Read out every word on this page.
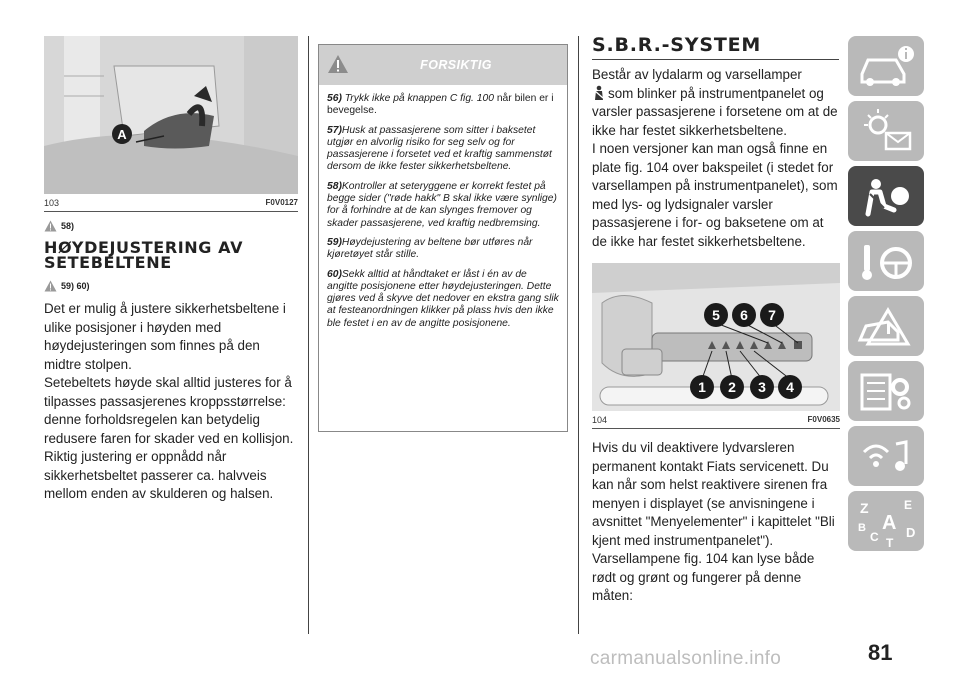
A
103	F0V0127
58)
HØYDEJUSTERING AV SETEBELTENE
59) 60)

Det er mulig å justere sikkerhetsbeltene i ulike posisjoner i høyden med høydejusteringen som finnes på den midtre stolpen.

Setebeltets høyde skal alltid justeres for å tilpasses passasjerenes kroppsstørrelse: denne forholdsregelen kan betydelig redusere faren for skader ved en kollisjon.

Riktig justering er oppnådd når sikkerhetsbeltet passerer ca. halvveis mellom enden av skulderen og halsen.

FORSIKTIG

56) Trykk ikke på knappen C fig. 100 når bilen er i bevegelse.

57)Husk at passasjerene som sitter i baksetet utgjør en alvorlig risiko for seg selv og for passasjerene i forsetet ved et kraftig sammenstøt dersom de ikke fester sikkerhetsbeltene.

58)Kontroller at seteryggene er korrekt festet på begge sider ("røde hakk" B skal ikke være synlige) for å forhindre at de kan slynges fremover og skader passasjerene, ved kraftig nedbremsing.

59)Høydejustering av beltene bør utføres når kjøretøyet står stille.

60)Sekk alltid at håndtaket er låst i én av de angitte posisjonene etter høydejusteringen. Dette gjøres ved å skyve det nedover en ekstra gang slik at festeanordningen klikker på plass hvis den ikke ble festet i en av de angitte posisjonene.

S.B.R.-SYSTEM

Består av lydalarm og varsellamper
som blinker på instrumentpanelet og varsler passasjerene i forsetene om at de ikke har festet sikkerhetsbeltene.

I noen versjoner kan man også finne en plate fig. 104 over bakspeilet (i stedet for varsellampen på instrumentpanelet), som med lys- og lydsignaler varsler passasjerene i for- og baksetene om at de ikke har festet sikkerhetsbeltene.

5 6 7
1 2 3 4
104	F0V0635

Hvis du vil deaktivere lydvarsleren permanent kontakt Fiats servicenett. Du kan når som helst reaktivere sirenen fra menyen i displayet (se anvisningene i avsnittet "Menyelementer" i kapittelet "Bli kjent med instrumentpanelet").

Varsellampene fig. 104 kan lyse både rødt og grønt og fungerer på denne måten:

Z	E
B A
C D
T
81
carmanualsonline.info
